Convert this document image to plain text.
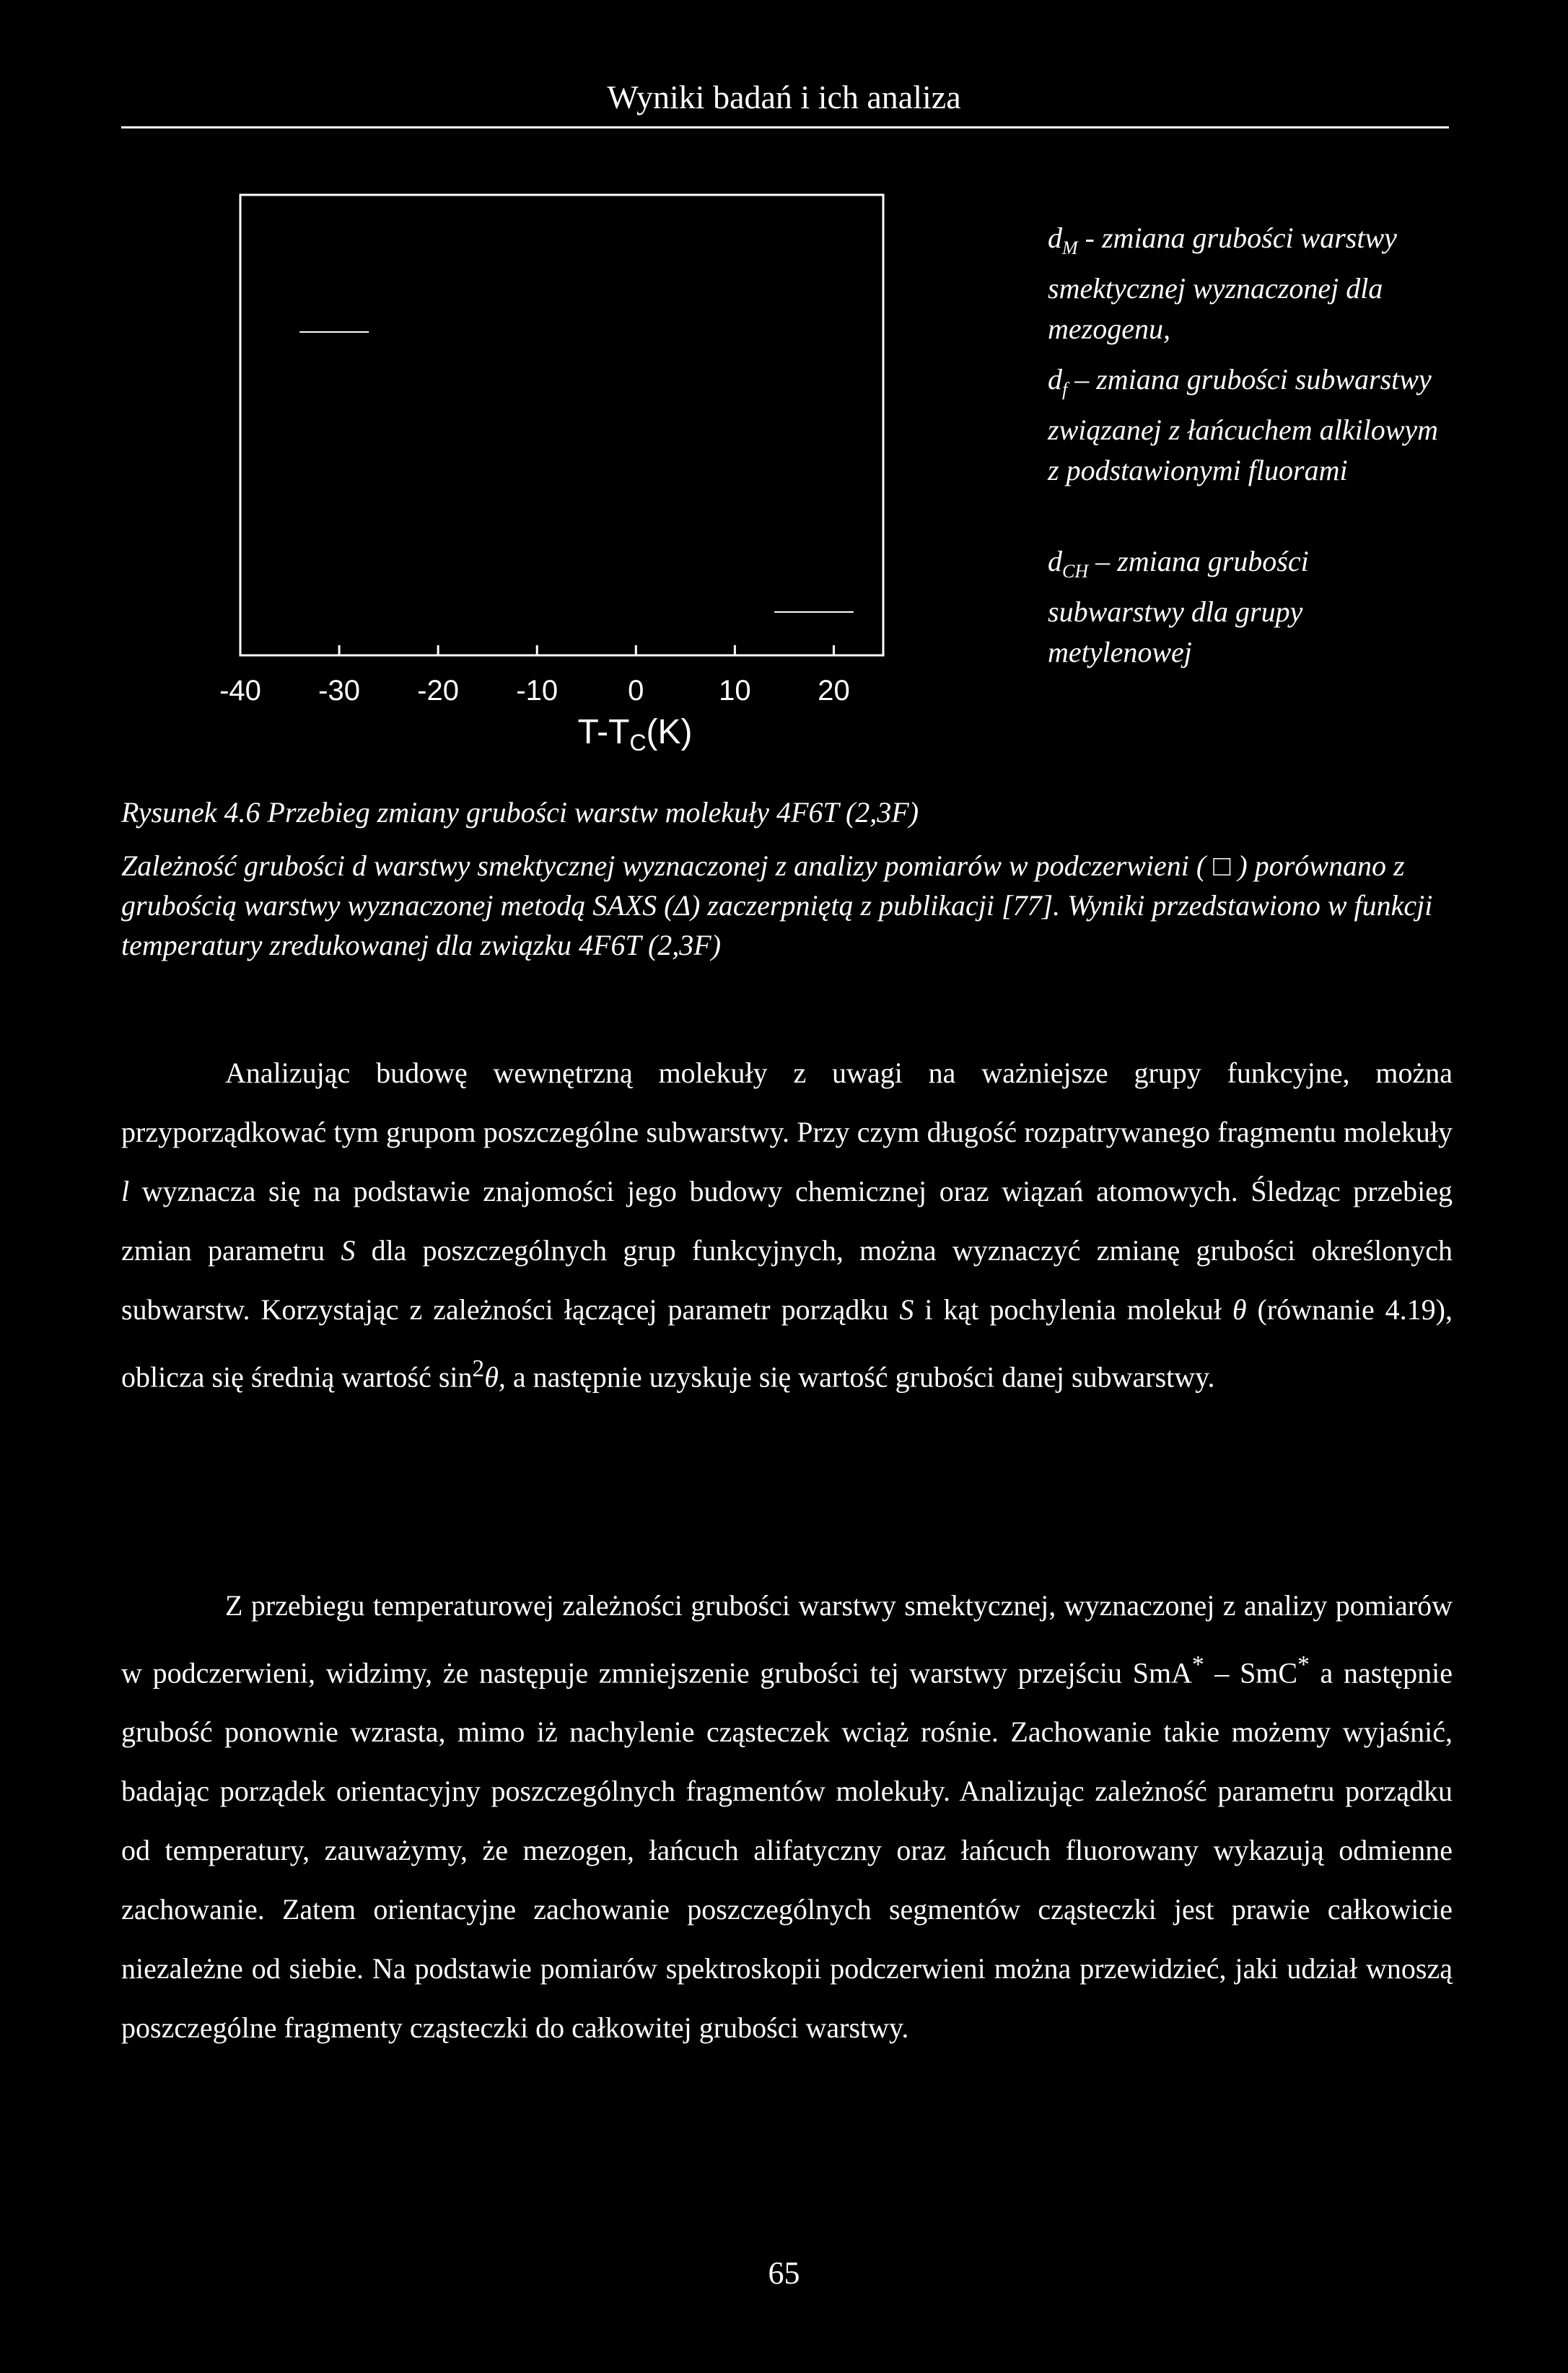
Wyniki badań i ich analiza
-40 -30 -20 -10 0	10 20
$T-T_C(K)$

$d_M$ - zmiana grubości warstwy smektycznej wyznaczonej dla mezogenu,

$d_f$ – zmiana grubości subwarstwy związanej z łańcuchem alkilowym z podstawionymi fluorami

$d_{CH}$ – zmiana grubości subwarstwy dla grupy metylenowej

Rysunek 4.6 Przebieg zmiany grubości warstw molekuły 4F6T (2,3F)
Zależność grubości d warstwy smektycznej wyznaczonej z analizy pomiarów w podczerwieni ( □ ) porównano z grubością warstwy wyznaczonej metodą SAXS (Δ) zaczerpniętą z publikacji [77]. Wyniki przedstawiono w funkcji temperatury zredukowanej dla związku 4F6T (2,3F)
Analizując budowę wewnętrzną molekuły z uwagi na ważniejsze grupy funkcyjne, można przyporządkować tym grupom poszczególne subwarstwy. Przy czym długość rozpatrywanego fragmentu molekuły l wyznacza się na podstawie znajomości jego budowy chemicznej oraz wiązań atomowych. Śledząc przebieg zmian parametru S dla poszczególnych grup funkcyjnych, można wyznaczyć zmianę grubości określonych subwarstw. Korzystając z zależności łączącej parametr porządku S i kąt pochylenia molekuł θ (równanie 4.19), oblicza się średnią wartość $\sin^2\theta$, a następnie uzyskuje się wartość grubości danej subwarstwy.
Z przebiegu temperaturowej zależności grubości warstwy smektycznej, wyznaczonej z analizy pomiarów w podczerwieni, widzimy, że następuje zmniejszenie grubości tej warstwy przejściu SmA* – SmC* a następnie grubość ponownie wzrasta, mimo iż nachylenie cząsteczek wciąż rośnie. Zachowanie takie możemy wyjaśnić, badając porządek orientacyjny poszczególnych fragmentów molekuły. Analizując zależność parametru porządku od temperatury, zauważymy, że mezogen, łańcuch alifatyczny oraz łańcuch fluorowany wykazują odmienne zachowanie. Zatem orientacyjne zachowanie poszczególnych segmentów cząsteczki jest prawie całkowicie niezależne od siebie. Na podstawie pomiarów spektroskopii podczerwieni można przewidzieć, jaki udział wnoszą poszczególne fragmenty cząsteczki do całkowitej grubości warstwy.
65
